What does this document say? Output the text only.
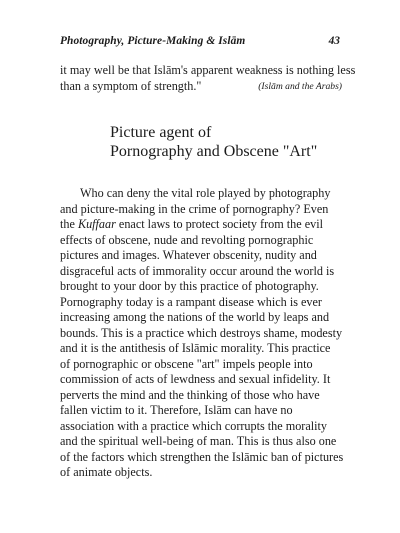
Photography, Picture-Making & Islām	43
it may well be that Islām's apparent weakness is nothing less
than a symptom of strength."	(Islām and the Arabs)
Picture agent of
Pornography and Obscene "Art"
Who can deny the vital role played by photography
and picture-making in the crime of pornography? Even
the Kuffaar enact laws to protect society from the evil
effects of obscene, nude and revolting pornographic
pictures and images. Whatever obscenity, nudity and
disgraceful acts of immorality occur around the world is
brought to your door by this practice of photography.
Pornography today is a rampant disease which is ever
increasing among the nations of the world by leaps and
bounds. This is a practice which destroys shame, modesty
and it is the antithesis of Islāmic morality. This practice
of pornographic or obscene "art" impels people into
commission of acts of lewdness and sexual infidelity. It
perverts the mind and the thinking of those who have
fallen victim to it. Therefore, Islām can have no
association with a practice which corrupts the morality
and the spiritual well-being of man. This is thus also one
of the factors which strengthen the Islāmic ban of pictures
of animate objects.
